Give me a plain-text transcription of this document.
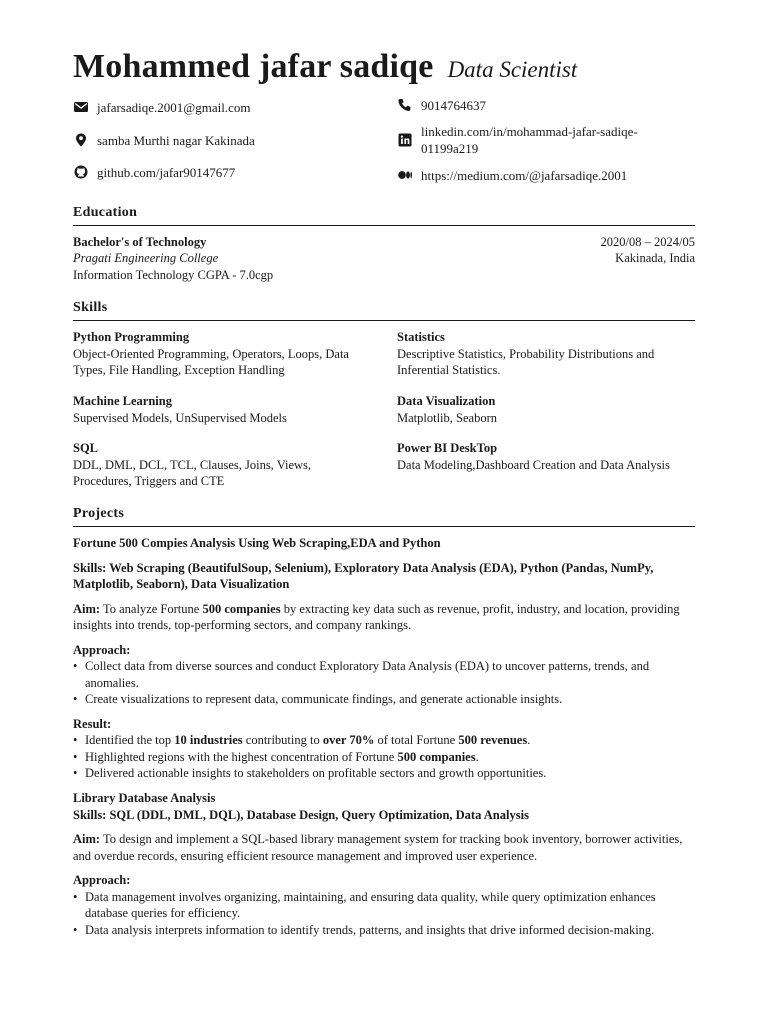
Mohammed jafar sadiqe Data Scientist
jafarsadiqe.2001@gmail.com
samba Murthi nagar Kakinada
github.com/jafar90147677
9014764637
linkedin.com/in/mohammad-jafar-sadiqe-
01199a219
https://medium.com/@jafarsadiqe.2001
Education
Bachelor's of Technology	2020/08 – 2024/05
Pragati Engineering College	Kakinada, India
Information Technology CGPA - 7.0cgp
Skills
Python Programming
Object-Oriented Programming, Operators, Loops, Data Types, File Handling, Exception Handling
Statistics
Descriptive Statistics, Probability Distributions and Inferential Statistics.
Machine Learning
Supervised Models, UnSupervised Models
Data Visualization
Matplotlib, Seaborn
SQL
DDL, DML, DCL, TCL, Clauses, Joins, Views, Procedures, Triggers and CTE
Power BI DeskTop
Data Modeling,Dashboard Creation and Data Analysis
Projects
Fortune 500 Compies Analysis Using Web Scraping,EDA and Python
Skills: Web Scraping (BeautifulSoup, Selenium), Exploratory Data Analysis (EDA), Python (Pandas, NumPy, Matplotlib, Seaborn), Data Visualization
Aim: To analyze Fortune 500 companies by extracting key data such as revenue, profit, industry, and location, providing insights into trends, top-performing sectors, and company rankings.
Approach:
• Collect data from diverse sources and conduct Exploratory Data Analysis (EDA) to uncover patterns, trends, and anomalies.
• Create visualizations to represent data, communicate findings, and generate actionable insights.
Result:
• Identified the top 10 industries contributing to over 70% of total Fortune 500 revenues.
• Highlighted regions with the highest concentration of Fortune 500 companies.
• Delivered actionable insights to stakeholders on profitable sectors and growth opportunities.
Library Database Analysis
Skills: SQL (DDL, DML, DQL), Database Design, Query Optimization, Data Analysis
Aim: To design and implement a SQL-based library management system for tracking book inventory, borrower activities, and overdue records, ensuring efficient resource management and improved user experience.
Approach:
• Data management involves organizing, maintaining, and ensuring data quality, while query optimization enhances database queries for efficiency.
• Data analysis interprets information to identify trends, patterns, and insights that drive informed decision-making.
